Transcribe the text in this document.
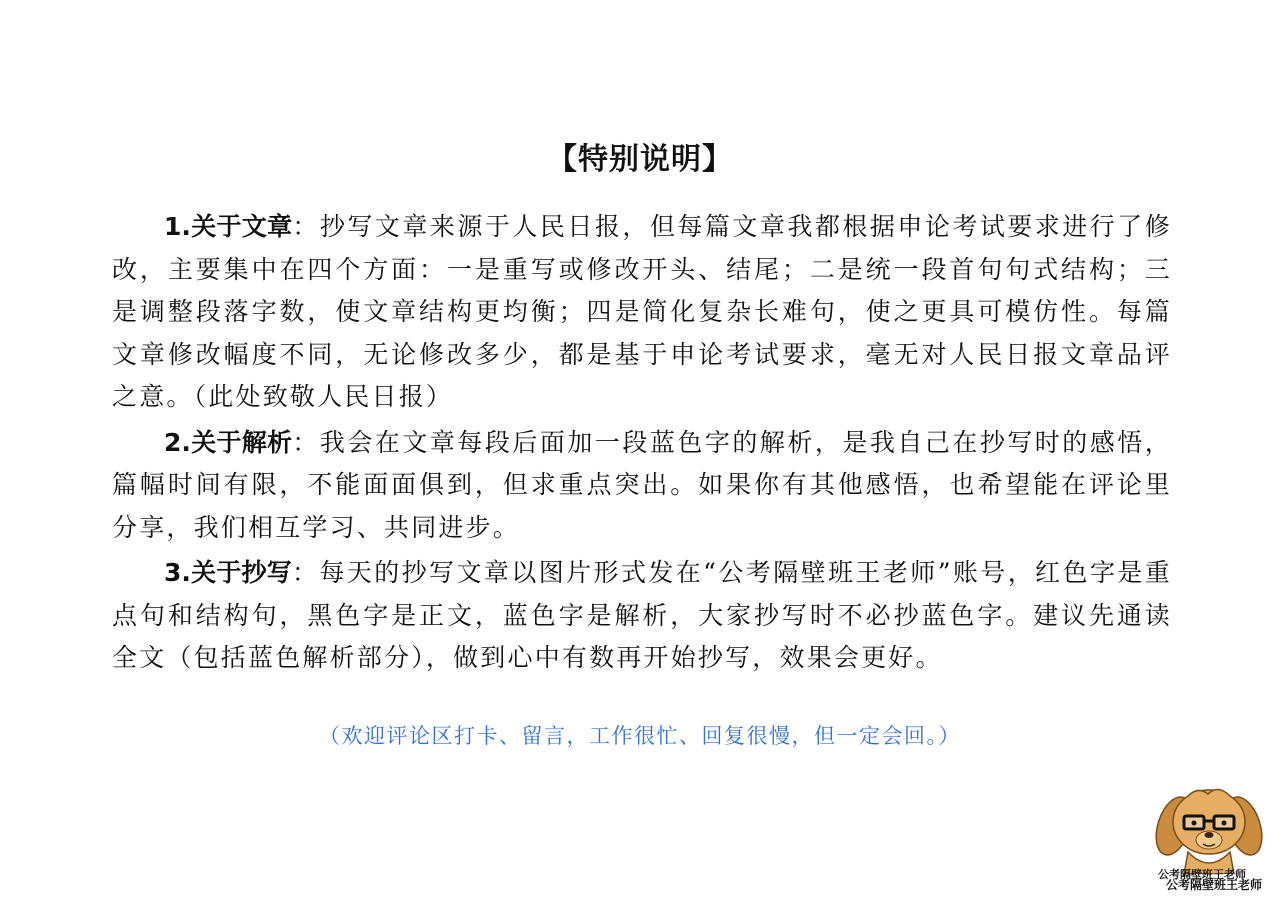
【特别说明】

1.关于文章：抄写文章来源于人民日报，但每篇文章我都根据申论考试要求进行了修改，主要集中在四个方面：一是重写或修改开头、结尾；二是统一段首句句式结构；三是调整段落字数，使文章结构更均衡；四是简化复杂长难句，使之更具可模仿性。每篇文章修改幅度不同，无论修改多少，都是基于申论考试要求，毫无对人民日报文章品评之意。（此处致敬人民日报）

2.关于解析：我会在文章每段后面加一段蓝色字的解析，是我自己在抄写时的感悟，篇幅时间有限，不能面面俱到，但求重点突出。如果你有其他感悟，也希望能在评论里分享，我们相互学习、共同进步。

3.关于抄写：每天的抄写文章以图片形式发在“公考隔壁班王老师”账号，红色字是重点句和结构句，黑色字是正文，蓝色字是解析，大家抄写时不必抄蓝色字。建议先通读全文（包括蓝色解析部分），做到心中有数再开始抄写，效果会更好。

（欢迎评论区打卡、留言，工作很忙、回复很慢，但一定会回。）
公考隔壁班王老师
公考隔壁班王老师
